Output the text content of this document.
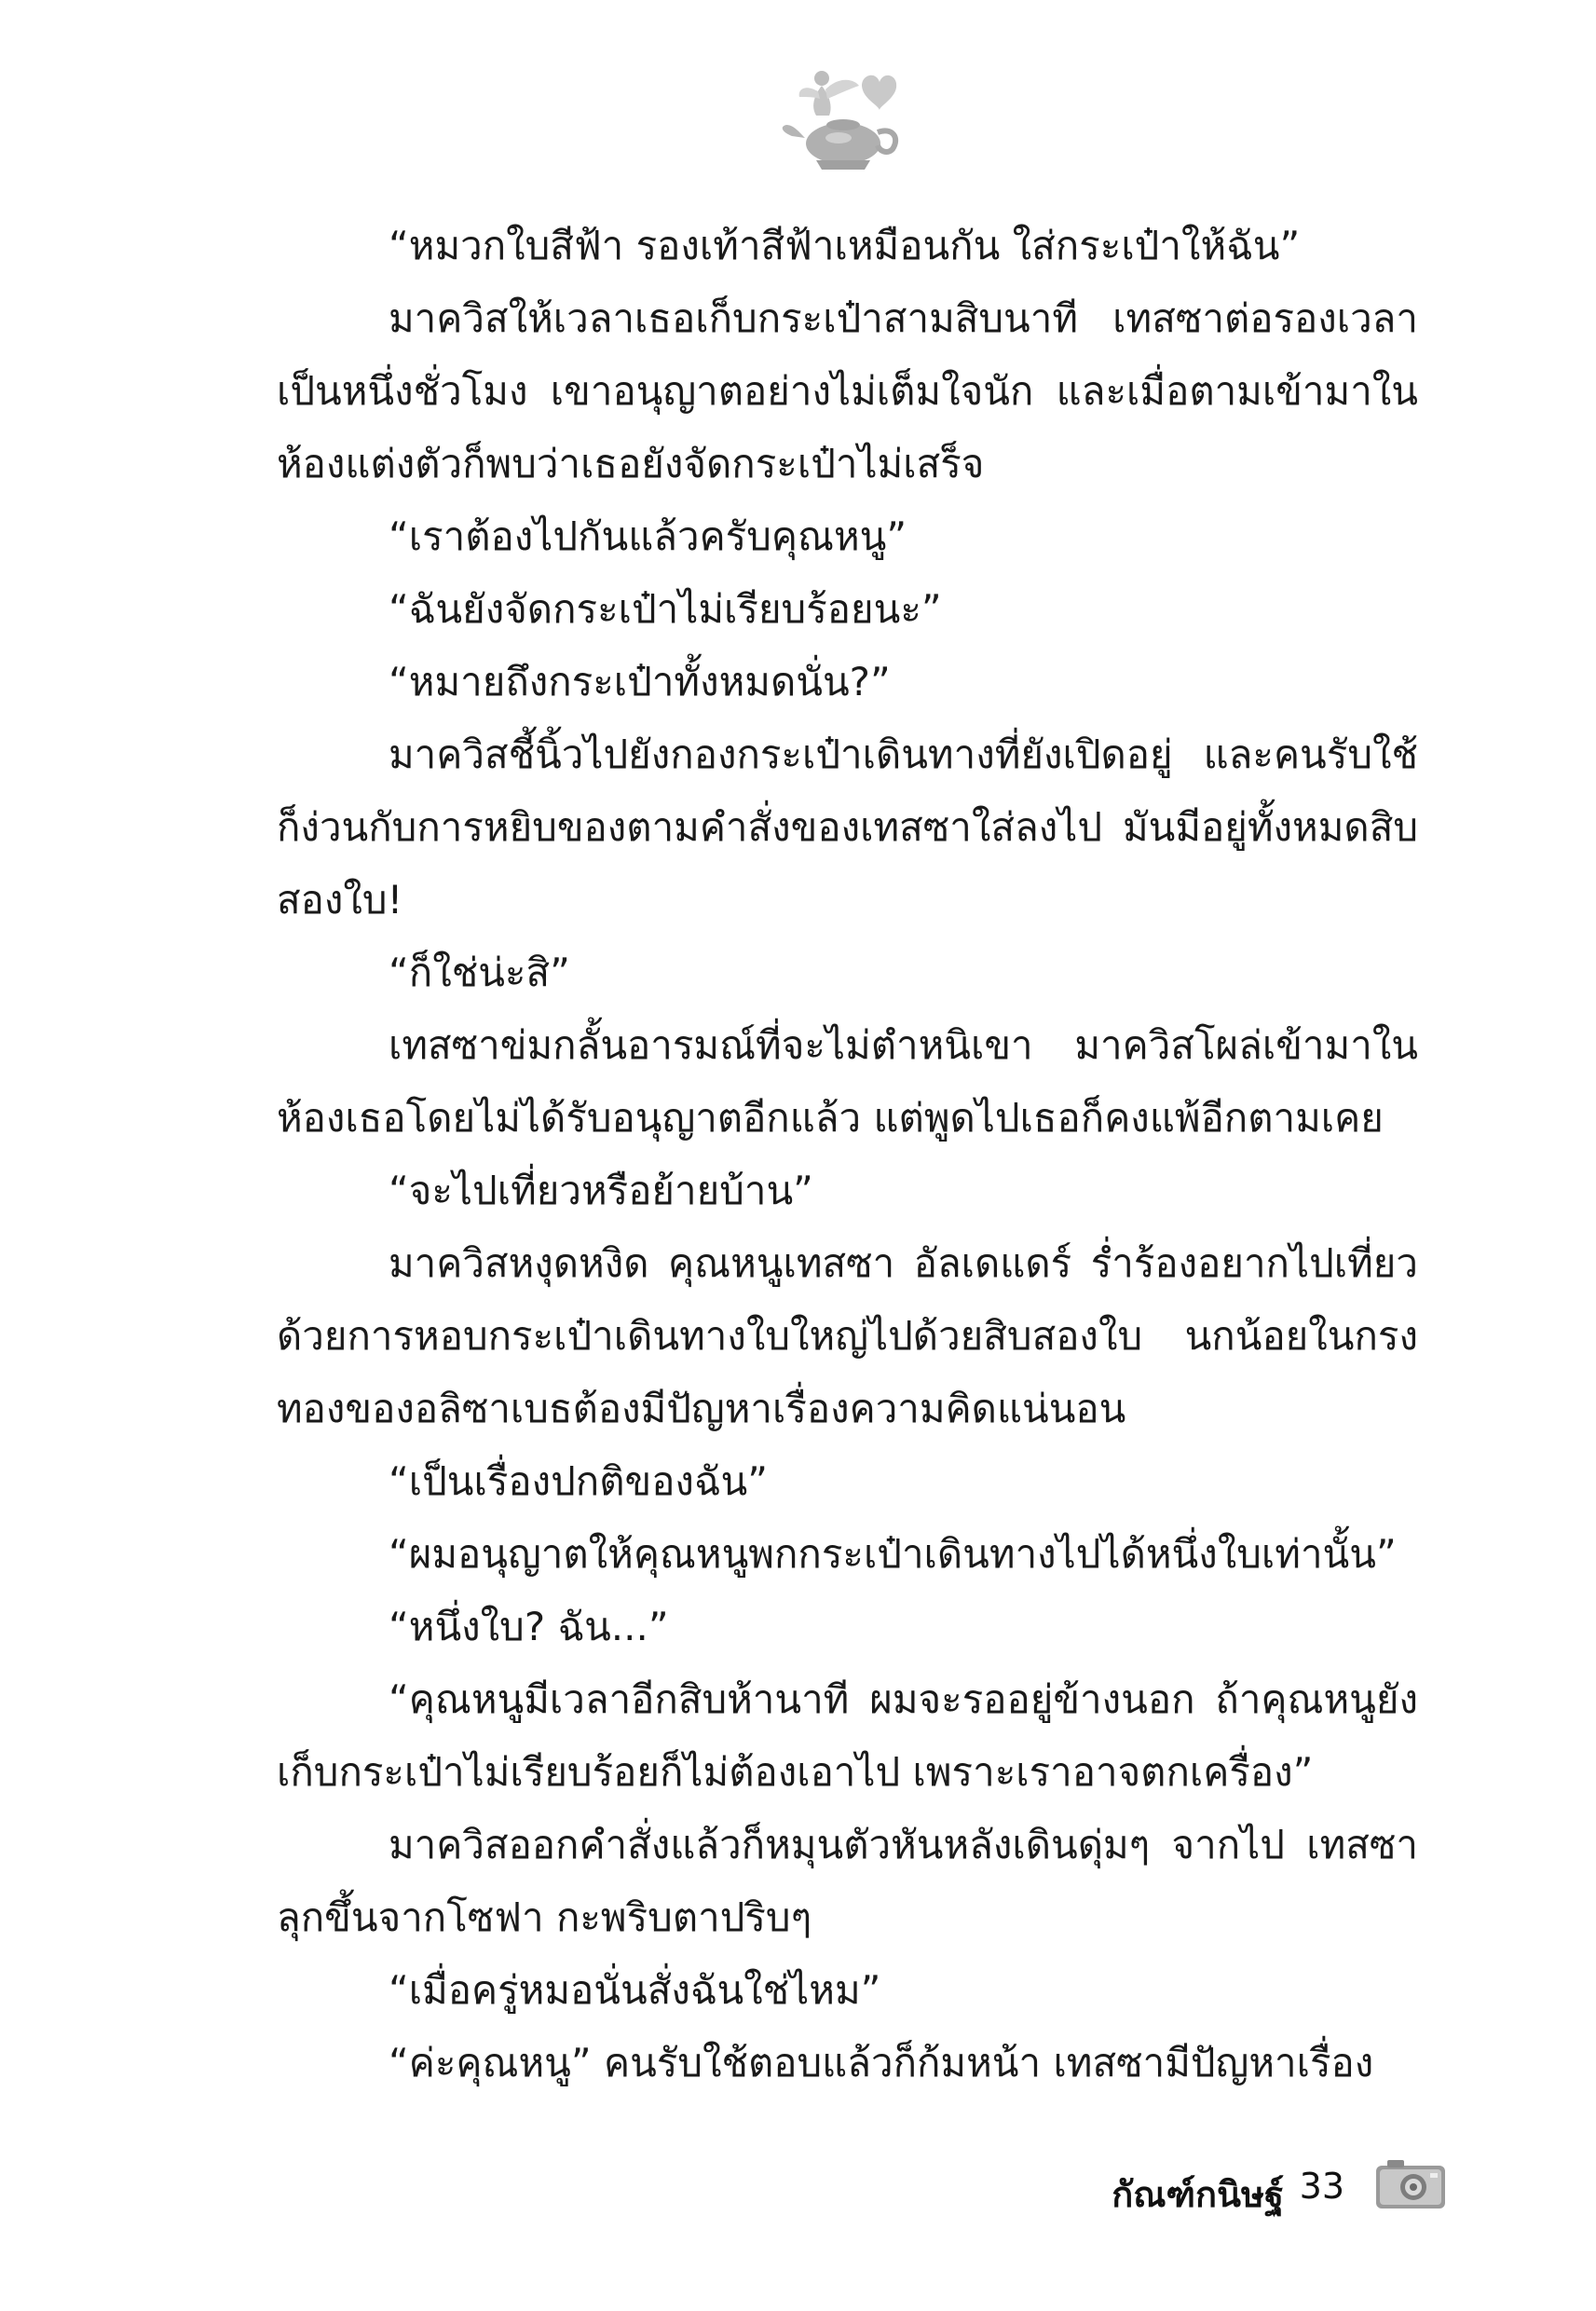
“หมวกใบสีฟ้า รองเท้าสีฟ้าเหมือนกัน ใส่กระเป๋าให้ฉัน”

มาควิสให้เวลาเธอเก็บกระเป๋าสามสิบนาที เทสซาต่อรองเวลาเป็นหนึ่งชั่วโมง เขาอนุญาตอย่างไม่เต็มใจนัก และเมื่อตามเข้ามาในห้องแต่งตัวก็พบว่าเธอยังจัดกระเป๋าไม่เสร็จ

“เราต้องไปกันแล้วครับคุณหนู”

“ฉันยังจัดกระเป๋าไม่เรียบร้อยนะ”

“หมายถึงกระเป๋าทั้งหมดนั่น?”

มาควิสชี้นิ้วไปยังกองกระเป๋าเดินทางที่ยังเปิดอยู่ และคนรับใช้ก็ง่วนกับการหยิบของตามคำสั่งของเทสซาใส่ลงไป มันมีอยู่ทั้งหมดสิบสองใบ!

“ก็ใช่น่ะสิ”

เทสซาข่มกลั้นอารมณ์ที่จะไม่ตำหนิเขา มาควิสโผล่เข้ามาในห้องเธอโดยไม่ได้รับอนุญาตอีกแล้ว แต่พูดไปเธอก็คงแพ้อีกตามเคย

“จะไปเที่ยวหรือย้ายบ้าน”

มาควิสหงุดหงิด คุณหนูเทสซา อัลเดแดร์ ร่ำร้องอยากไปเที่ยวด้วยการหอบกระเป๋าเดินทางใบใหญ่ไปด้วยสิบสองใบ นกน้อยในกรงทองของอลิซาเบธต้องมีปัญหาเรื่องความคิดแน่นอน

“เป็นเรื่องปกติของฉัน”

“ผมอนุญาตให้คุณหนูพกกระเป๋าเดินทางไปได้หนึ่งใบเท่านั้น”

“หนึ่งใบ? ฉัน...”

“คุณหนูมีเวลาอีกสิบห้านาที ผมจะรออยู่ข้างนอก ถ้าคุณหนูยังเก็บกระเป๋าไม่เรียบร้อยก็ไม่ต้องเอาไป เพราะเราอาจตกเครื่อง”

มาควิสออกคำสั่งแล้วก็หมุนตัวหันหลังเดินดุ่มๆ จากไป เทสซาลุกขึ้นจากโซฟา กะพริบตาปริบๆ

“เมื่อครู่หมอนั่นสั่งฉันใช่ไหม”

“ค่ะคุณหนู” คนรับใช้ตอบแล้วก็ก้มหน้า เทสซามีปัญหาเรื่อง

กัณฑ์กนิษฐ์ 33
